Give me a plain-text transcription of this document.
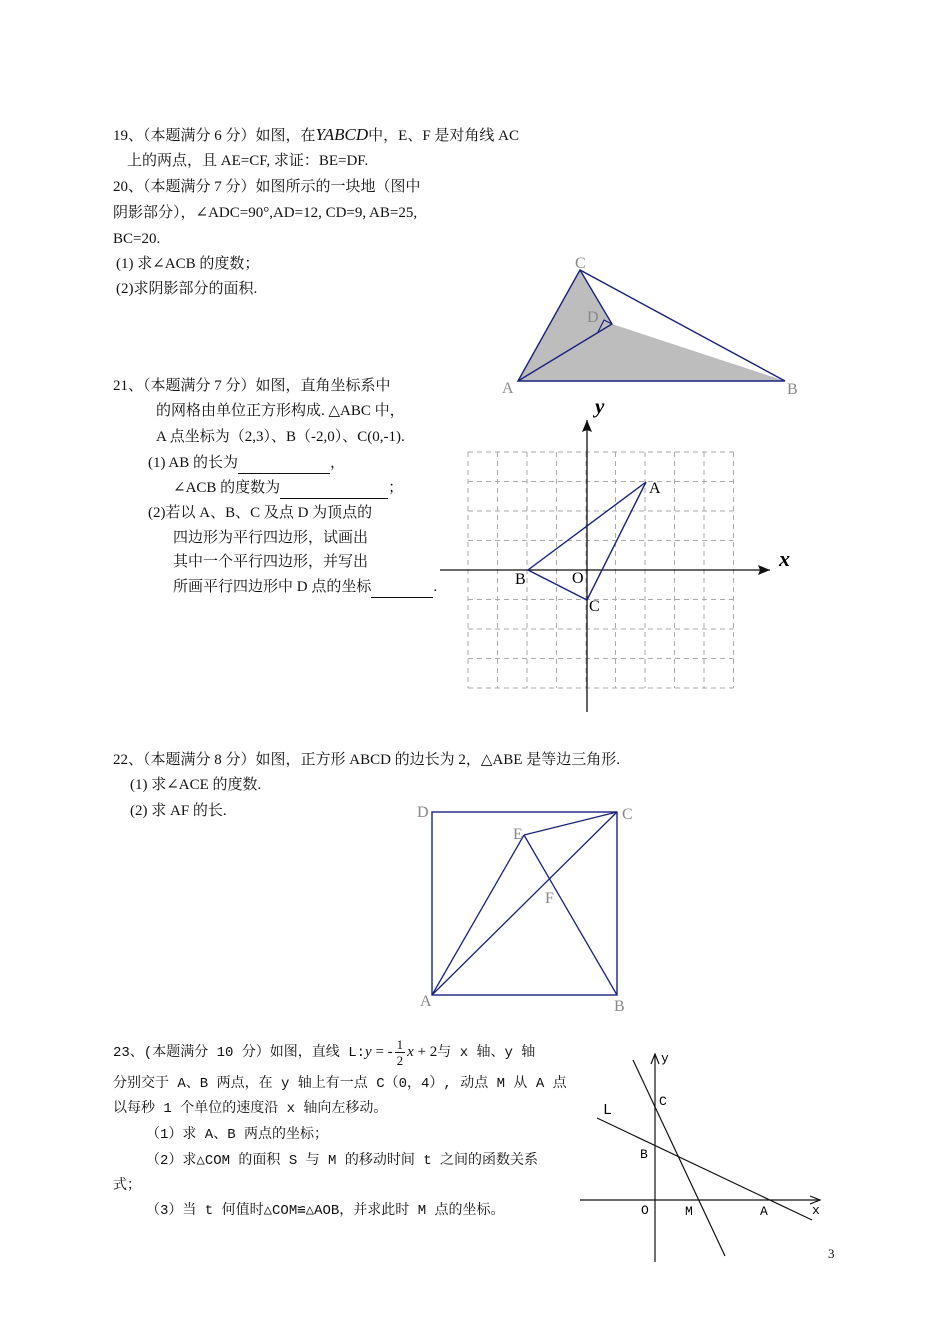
19、（本题满分 6 分）如图，在YABCD中，E、F 是对角线 AC
上的两点，且 AE=CF, 求证：BE=DF.
20、（本题满分 7 分）如图所示的一块地（图中
阴影部分），∠ADC=90°,AD=12, CD=9, AB=25,
BC=20.
(1) 求∠ACB 的度数；
(2)求阴影部分的面积.
C
D
A	B
21、（本题满分 7 分）如图，直角坐标系中
的网格由单位正方形构成. △ABC 中，
A 点坐标为（2,3）、B（-2,0）、C(0,-1).
(1) AB 的长为	，
∠ACB 的度数为	；
(2)若以 A、B、C 及点 D 为顶点的
四边形为平行四边形，试画出
其中一个平行四边形，并写出
所画平行四边形中 D 点的坐标	.
y
x
A
B	O
C
22、（本题满分 8 分）如图，正方形 ABCD 的边长为 2，△ABE 是等边三角形.
(1) 求∠ACE 的度数.
(2) 求 AF 的长.	D	C
E
F
A	B
23、(本题满分 10 分）如图，直线 L:y = - $\frac{1}{2}$ x + 2与 x 轴、y 轴
分别交于 A、B 两点，在 y 轴上有一点 C（0，4）, 动点 M 从 A 点
以每秒 1 个单位的速度沿 x 轴向左移动。
（1）求 A、B 两点的坐标；
（2）求△COM 的面积 S 与 M 的移动时间 t 之间的函数关系
式；
（3）当 t 何值时△COM≌△AOB，并求此时 M 点的坐标。
y
x
L
C
B
O	M	A
3
